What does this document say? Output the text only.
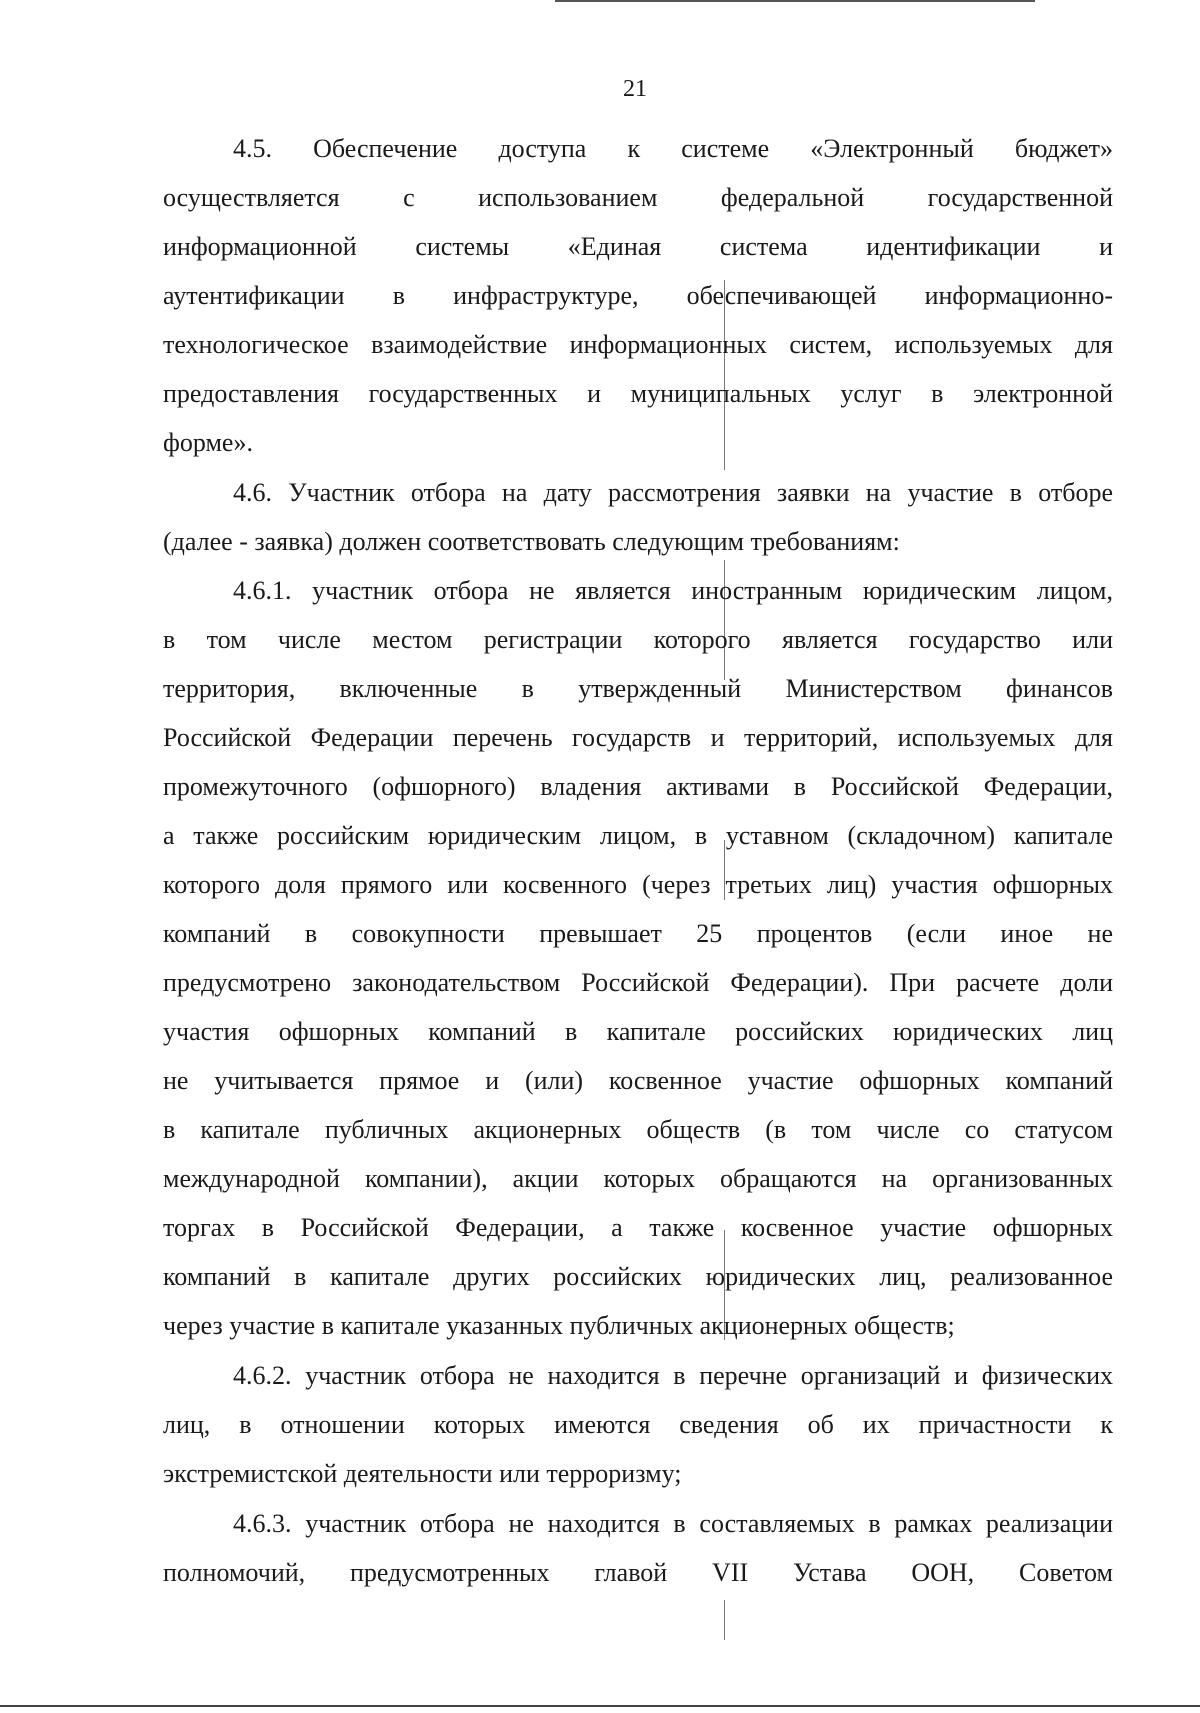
21
4.5. Обеспечение доступа к системе «Электронный бюджет»
осуществляется с использованием федеральной государственной
информационной системы «Единая система идентификации и
аутентификации в инфраструктуре, обеспечивающей информационно-
технологическое взаимодействие информационных систем, используемых для
предоставления государственных и муниципальных услуг в электронной
форме».
4.6. Участник отбора на дату рассмотрения заявки на участие в отборе
(далее - заявка) должен соответствовать следующим требованиям:
4.6.1. участник отбора не является иностранным юридическим лицом,
в том числе местом регистрации которого является государство или
территория, включенные в утвержденный Министерством финансов
Российской Федерации перечень государств и территорий, используемых для
промежуточного (офшорного) владения активами в Российской Федерации,
а также российским юридическим лицом, в уставном (складочном) капитале
которого доля прямого или косвенного (через третьих лиц) участия офшорных
компаний в совокупности превышает 25 процентов (если иное не
предусмотрено законодательством Российской Федерации). При расчете доли
участия офшорных компаний в капитале российских юридических лиц
не учитывается прямое и (или) косвенное участие офшорных компаний
в капитале публичных акционерных обществ (в том числе со статусом
международной компании), акции которых обращаются на организованных
торгах в Российской Федерации, а также косвенное участие офшорных
компаний в капитале других российских юридических лиц, реализованное
через участие в капитале указанных публичных акционерных обществ;
4.6.2. участник отбора не находится в перечне организаций и физических
лиц, в отношении которых имеются сведения об их причастности к
экстремистской деятельности или терроризму;
4.6.3. участник отбора не находится в составляемых в рамках реализации
полномочий, предусмотренных главой VII Устава ООН, Советом
